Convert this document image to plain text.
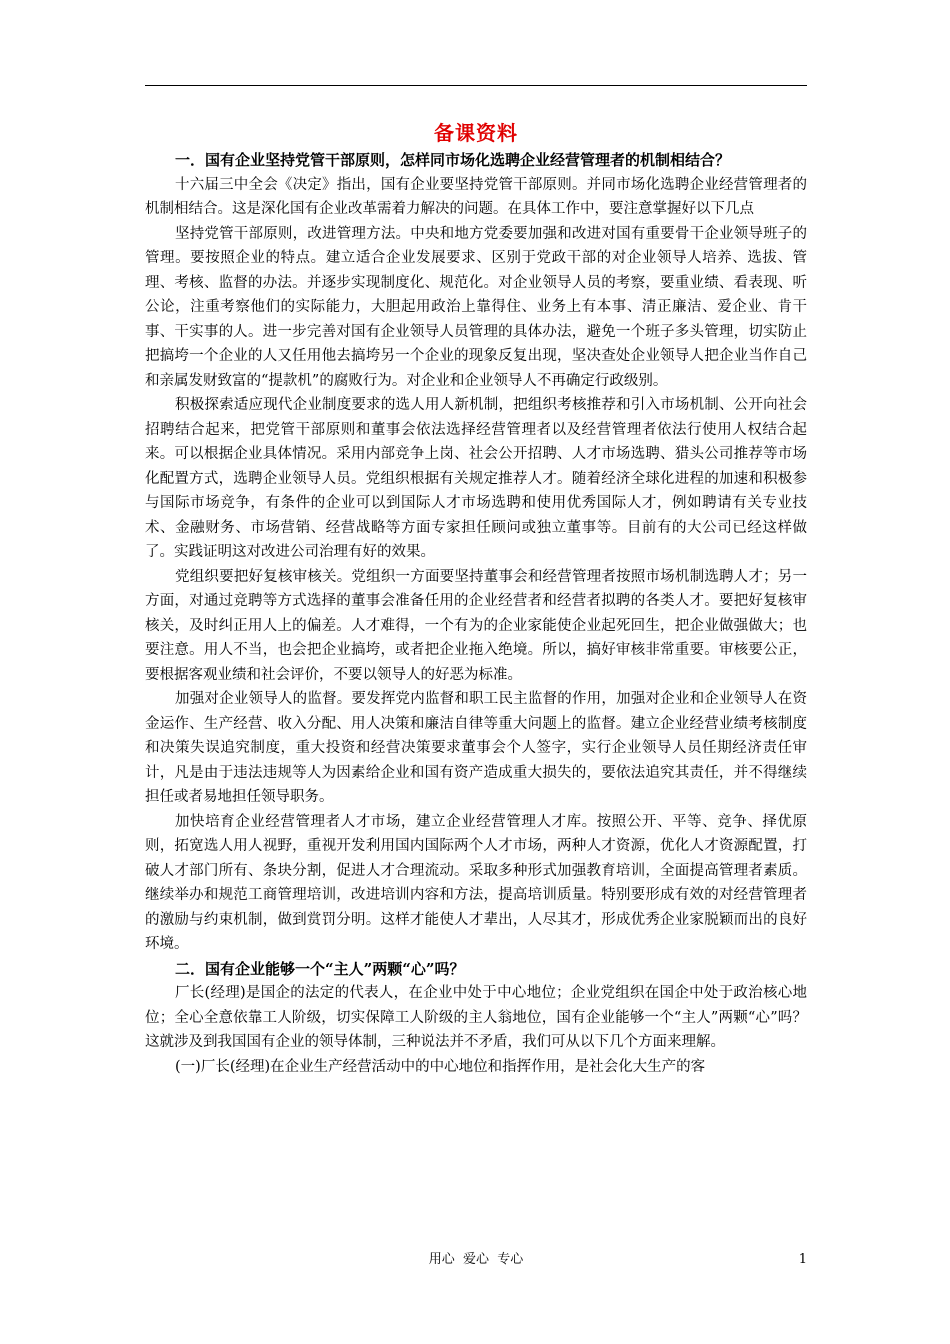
备课资料
一．国有企业坚持党管干部原则，怎样同市场化选聘企业经营管理者的机制相结合？
十六届三中全会《决定》指出，国有企业要坚持党管干部原则。并同市场化选聘企业经营管理者的机制相结合。这是深化国有企业改革需着力解决的问题。在具体工作中，要注意掌握好以下几点
坚持党管干部原则，改进管理方法。中央和地方党委要加强和改进对国有重要骨干企业领导班子的管理。要按照企业的特点。建立适合企业发展要求、区别于党政干部的对企业领导人培养、选拔、管理、考核、监督的办法。并逐步实现制度化、规范化。对企业领导人员的考察，要重业绩、看表现、听公论，注重考察他们的实际能力，大胆起用政治上靠得住、业务上有本事、清正廉洁、爱企业、肯干事、干实事的人。进一步完善对国有企业领导人员管理的具体办法，避免一个班子多头管理，切实防止把搞垮一个企业的人又任用他去搞垮另一个企业的现象反复出现，坚决查处企业领导人把企业当作自己和亲属发财致富的“提款机”的腐败行为。对企业和企业领导人不再确定行政级别。
积极探索适应现代企业制度要求的选人用人新机制，把组织考核推荐和引入市场机制、公开向社会招聘结合起来，把党管干部原则和董事会依法选择经营管理者以及经营管理者依法行使用人权结合起来。可以根据企业具体情况。采用内部竞争上岗、社会公开招聘、人才市场选聘、猎头公司推荐等市场化配置方式，选聘企业领导人员。党组织根据有关规定推荐人才。随着经济全球化进程的加速和积极参与国际市场竞争，有条件的企业可以到国际人才市场选聘和使用优秀国际人才，例如聘请有关专业技术、金融财务、市场营销、经营战略等方面专家担任顾问或独立董事等。目前有的大公司已经这样做了。实践证明这对改进公司治理有好的效果。
党组织要把好复核审核关。党组织一方面要坚持董事会和经营管理者按照市场机制选聘人才；另一方面，对通过竞聘等方式选择的董事会准备任用的企业经营者和经营者拟聘的各类人才。要把好复核审核关，及时纠正用人上的偏差。人才难得，一个有为的企业家能使企业起死回生，把企业做强做大；也要注意。用人不当，也会把企业搞垮，或者把企业拖入绝境。所以，搞好审核非常重要。审核要公正，要根据客观业绩和社会评价，不要以领导人的好恶为标准。
加强对企业领导人的监督。要发挥党内监督和职工民主监督的作用，加强对企业和企业领导人在资金运作、生产经营、收入分配、用人决策和廉洁自律等重大问题上的监督。建立企业经营业绩考核制度和决策失误追究制度，重大投资和经营决策要求董事会个人签字，实行企业领导人员任期经济责任审计，凡是由于违法违规等人为因素给企业和国有资产造成重大损失的，要依法追究其责任，并不得继续担任或者易地担任领导职务。
加快培育企业经营管理者人才市场，建立企业经营管理人才库。按照公开、平等、竞争、择优原则，拓宽选人用人视野，重视开发利用国内国际两个人才市场，两种人才资源，优化人才资源配置，打破人才部门所有、条块分割，促进人才合理流动。采取多种形式加强教育培训，全面提高管理者素质。继续举办和规范工商管理培训，改进培训内容和方法，提高培训质量。特别要形成有效的对经营管理者的激励与约束机制，做到赏罚分明。这样才能使人才辈出，人尽其才，形成优秀企业家脱颖而出的良好环境。
二．国有企业能够一个“主人”两颗“心”吗？
厂长(经理)是国企的法定的代表人，在企业中处于中心地位；企业党组织在国企中处于政治核心地位；全心全意依靠工人阶级，切实保障工人阶级的主人翁地位，国有企业能够一个“主人”两颗“心”吗？这就涉及到我国国有企业的领导体制，三种说法并不矛盾，我们可从以下几个方面来理解。
(一)厂长(经理)在企业生产经营活动中的中心地位和指挥作用，是社会化大生产的客
用心  爱心  专心	1
